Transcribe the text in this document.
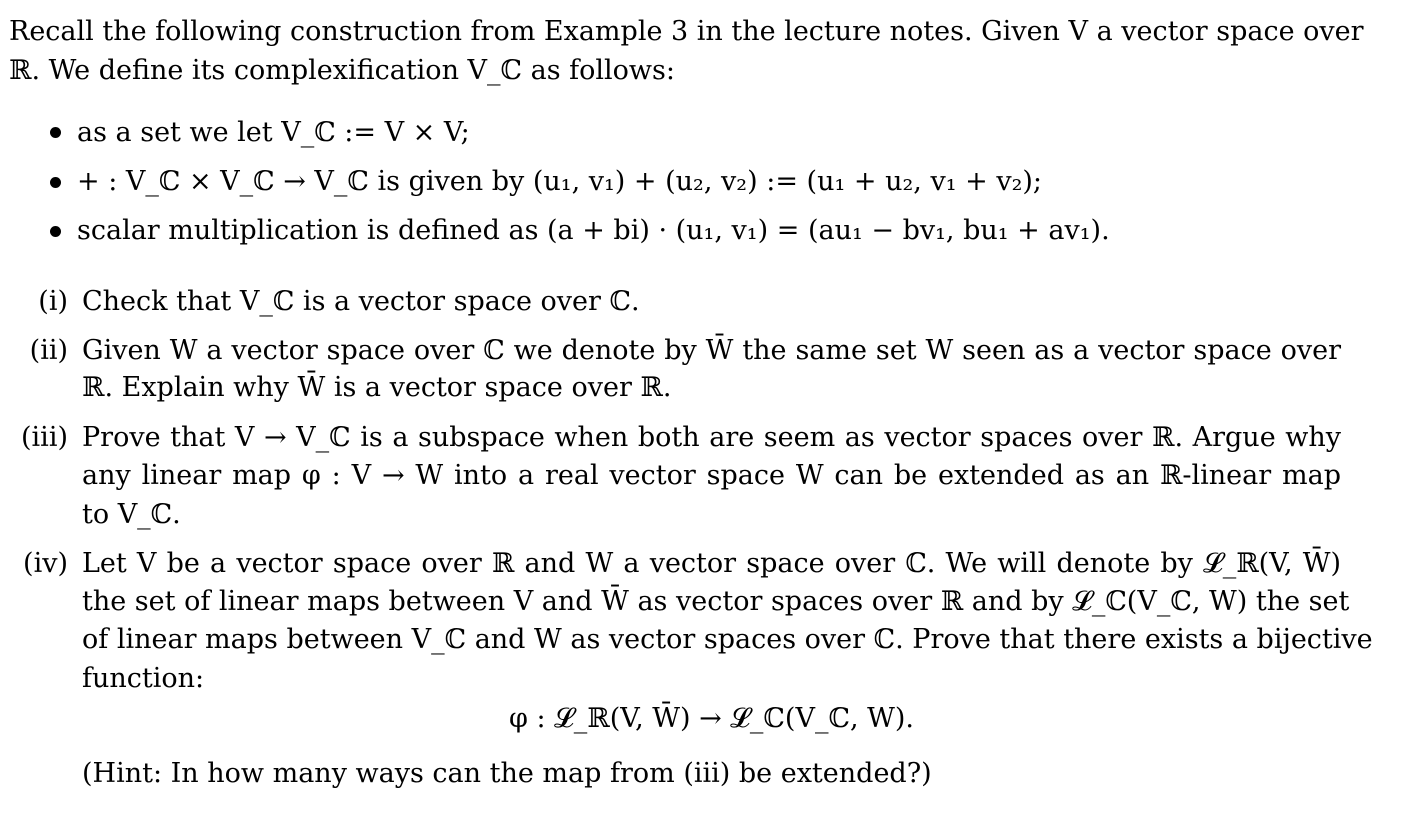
Recall the following construction from Example 3 in the lecture notes. Given V a vector space over
ℝ. We define its complexification V_ℂ as follows:
as a set we let V_ℂ := V × V;
+ : V_ℂ × V_ℂ → V_ℂ is given by (u₁, v₁) + (u₂, v₂) := (u₁ + u₂, v₁ + v₂);
scalar multiplication is defined as (a + bi) · (u₁, v₁) = (au₁ − bv₁, bu₁ + av₁).
(i) Check that V_ℂ is a vector space over ℂ.
(ii) Given W a vector space over ℂ we denote by W̄ the same set W seen as a vector space over
ℝ. Explain why W̄ is a vector space over ℝ.
(iii) Prove that V → V_ℂ is a subspace when both are seem as vector spaces over ℝ. Argue why
any linear map φ : V → W into a real vector space W can be extended as an ℝ-linear map
to V_ℂ.
(iv) Let V be a vector space over ℝ and W a vector space over ℂ. We will denote by 𝓛_ℝ(V, W̄)
the set of linear maps between V and W̄ as vector spaces over ℝ and by 𝓛_ℂ(V_ℂ, W) the set
of linear maps between V_ℂ and W as vector spaces over ℂ. Prove that there exists a bijective
function:
φ : 𝓛_ℝ(V, W̄) → 𝓛_ℂ(V_ℂ, W).
(Hint: In how many ways can the map from (iii) be extended?)
